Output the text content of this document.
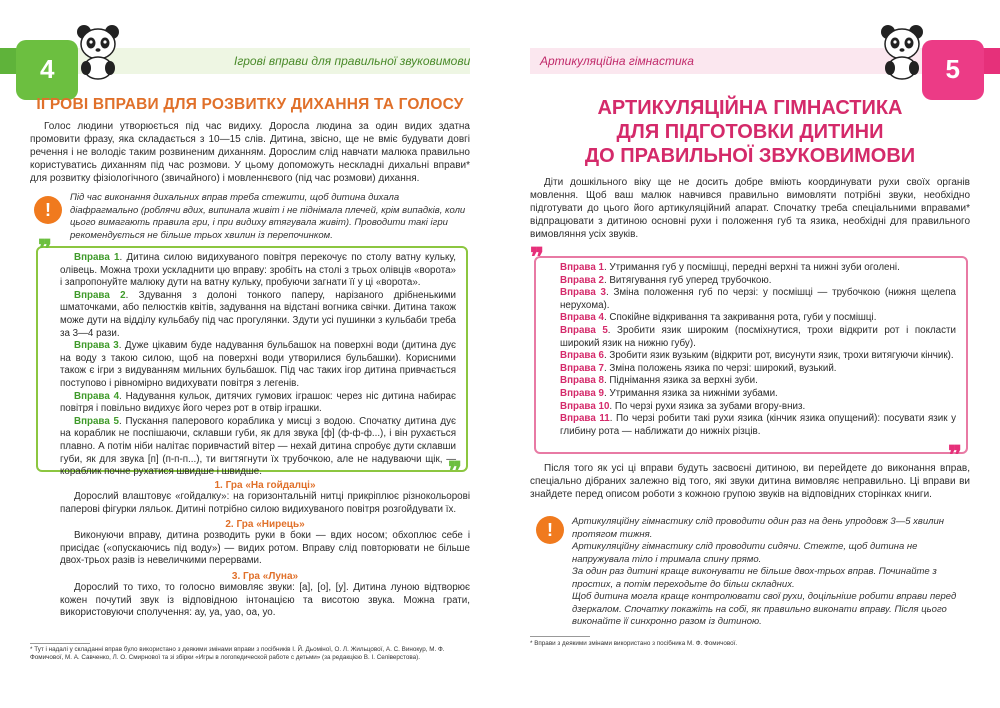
4	Ігрові вправи для правильної звуковимови
ІГРОВІ ВПРАВИ ДЛЯ РОЗВИТКУ ДИХАННЯ ТА ГОЛОСУ

Голос людини утворюється під час видиху. Доросла людина за один видих здатна промовити фразу, яка складається з 10—15 слів. Дитина, звісно, ще не вміє будувати довгі речення і не володіє таким розвиненим диханням. Дорослим слід навчати малюка правильно користуватись диханням під час розмови. У цьому допоможуть нескладні дихальні вправи* для розвитку фізіологічного (звичайного) і мовленнєвого (під час розмови) дихання.

!
Під час виконання дихальних вправ треба стежити, щоб дитина дихала діафрагмально (роблячи вдих, випинала живіт і не піднімала плечей, крім випадків, коли цього вимагають правила гри, і при видиху втягувала живіт). Проводити такі ігри рекомендується не більше трьох хвилин із перепочинком.
❞
❞
Вправа 1. Дитина силою видихуваного повітря перекочує по столу ватну кульку, олівець. Можна трохи ускладнити цю вправу: зробіть на столі з трьох олівців «ворота» і запропонуйте малюку дути на ватну кульку, пробуючи загнати її у ці «ворота».
Вправа 2. Здування з долоні тонкого паперу, нарізаного дрібненькими шматочками, або пелюстків квітів, задування на відстані вогника свічки. Дитина також може дути на відділу кульбабу під час прогулянки. Здути усі пушинки з кульбаби треба за 3—4 рази.
Вправа 3. Дуже цікавим буде надування бульбашок на поверхні води (дитина дує на воду з такою силою, щоб на поверхні води утворилися бульбашки). Корисними також є ігри з видуванням мильних бульбашок. Під час таких ігор дитина привчається поступово і рівномірно видихувати повітря з легенів.
Вправа 4. Надування кульок, дитячих гумових іграшок: через ніс дитина набирає повітря і повільно видихує його через рот в отвір іграшки.
Вправа 5. Пускання паперового кораблика у мисці з водою. Спочатку дитина дує на кораблик не поспішаючи, склавши губи, як для звука [ф] (ф-ф-ф...), і він рухається плавно. А потім ніби налітає поривчастий вітер — нехай дитина спробує дути склавши губи, як для звука [п] (п-п-п...), ти вигтягнути їх трубочкою, але не надуваючи щік, — кораблик почне рухатися швидше і швидше.
1. Гра «На гойдалці»
Дорослий влаштовує «гойдалку»: на горизонтальній нитці прикріплює різнокольорові паперові фігурки ляльок. Дитині потрібно силою видихуваного повітря розгойдувати їх.
2. Гра «Нирець»
Виконуючи вправу, дитина розводить руки в боки — вдих носом; обхоплює себе і присідає («опускаючись під воду») — видих ротом. Вправу слід повторювати не більше двох-трьох разів із невеличкими перервами.
3. Гра «Луна»
Дорослий то тихо, то голосно вимовляє звуки: [а], [о], [у]. Дитина луною відтворює кожен почутий звук із відповідною інтонацією та висотою звука. Можна грати, використовуючи сполучення: ау, уа, уао, оа, уо.
* Тут і надалі у складанні вправ було використано з деякими змінами вправи з посібників І. Й. Дьоміної, О. Л. Жильцової, А. С. Винокур, М. Ф. Фомичової, М. А. Савченко, Л. О. Смирнової та зі збірки «Игры в логопедической работе с детьми» (за редакцією В. І. Селіверстова).
5
Артикуляційна гімнастика
АРТИКУЛЯЦІЙНА ГІМНАСТИКА
ДЛЯ ПІДГОТОВКИ ДИТИНИ
ДО ПРАВИЛЬНОЇ ЗВУКОВИМОВИ

Діти дошкільного віку ще не досить добре вміють координувати рухи своїх органів мовлення. Щоб ваш малюк навчився правильно вимовляти потрібні звуки, необхідно підготувати до цього його артикуляційний апарат. Спочатку треба спеціальними вправами* відпрацювати з дитиною основні рухи і положення губ та язика, необхідні для правильного вимовляння усіх звуків.

❞
❞
Вправа 1. Утримання губ у посмішці, передні верхні та нижні зуби оголені.
Вправа 2. Витягування губ уперед трубочкою.
Вправа 3. Зміна положення губ по черзі: у посмішці — трубочкою (нижня щелепа нерухома).
Вправа 4. Спокійне відкривання та закривання рота, губи у посмішці.
Вправа 5. Зробити язик широким (посміхнутися, трохи відкрити рот і покласти широкий язик на нижню губу).
Вправа 6. Зробити язик вузьким (відкрити рот, висунути язик, трохи витягуючи кінчик).
Вправа 7. Зміна положень язика по черзі: широкий, вузький.
Вправа 8. Піднімання язика за верхні зуби.
Вправа 9. Утримання язика за нижніми зубами.
Вправа 10. По черзі рухи язика за зубами вгору-вниз.
Вправа 11. По черзі робити такі рухи язика (кінчик язика опущений): посувати язик у глибину рота — наближати до нижніх різців.

Після того як усі ці вправи будуть засвоєні дитиною, ви перейдете до виконання вправ, спеціально дібраних залежно від того, які звуки дитина вимовляє неправильно. Ці вправи ви знайдете перед описом роботи з кожною групою звуків на відповідних сторінках книги.

!	Артикуляційну гімнастику слід проводити один раз на день упродовж 3—5 хвилин протягом тижня.
Артикуляційну гімнастику слід проводити сидячи. Стежте, щоб дитина не напружувала тіло і тримала спину прямо.
За один раз дитині краще виконувати не більше двох-трьох вправ. Починайте з простих, а потім переходьте до більш складних.
Щоб дитина могла краще контролювати свої рухи, доцільніше робити вправи перед дзеркалом. Спочатку покажіть на собі, як правильно виконати вправу. Після цього виконайте її синхронно разом із дитиною.
* Вправи з деякими змінами використано з посібника М. Ф. Фомичової.
